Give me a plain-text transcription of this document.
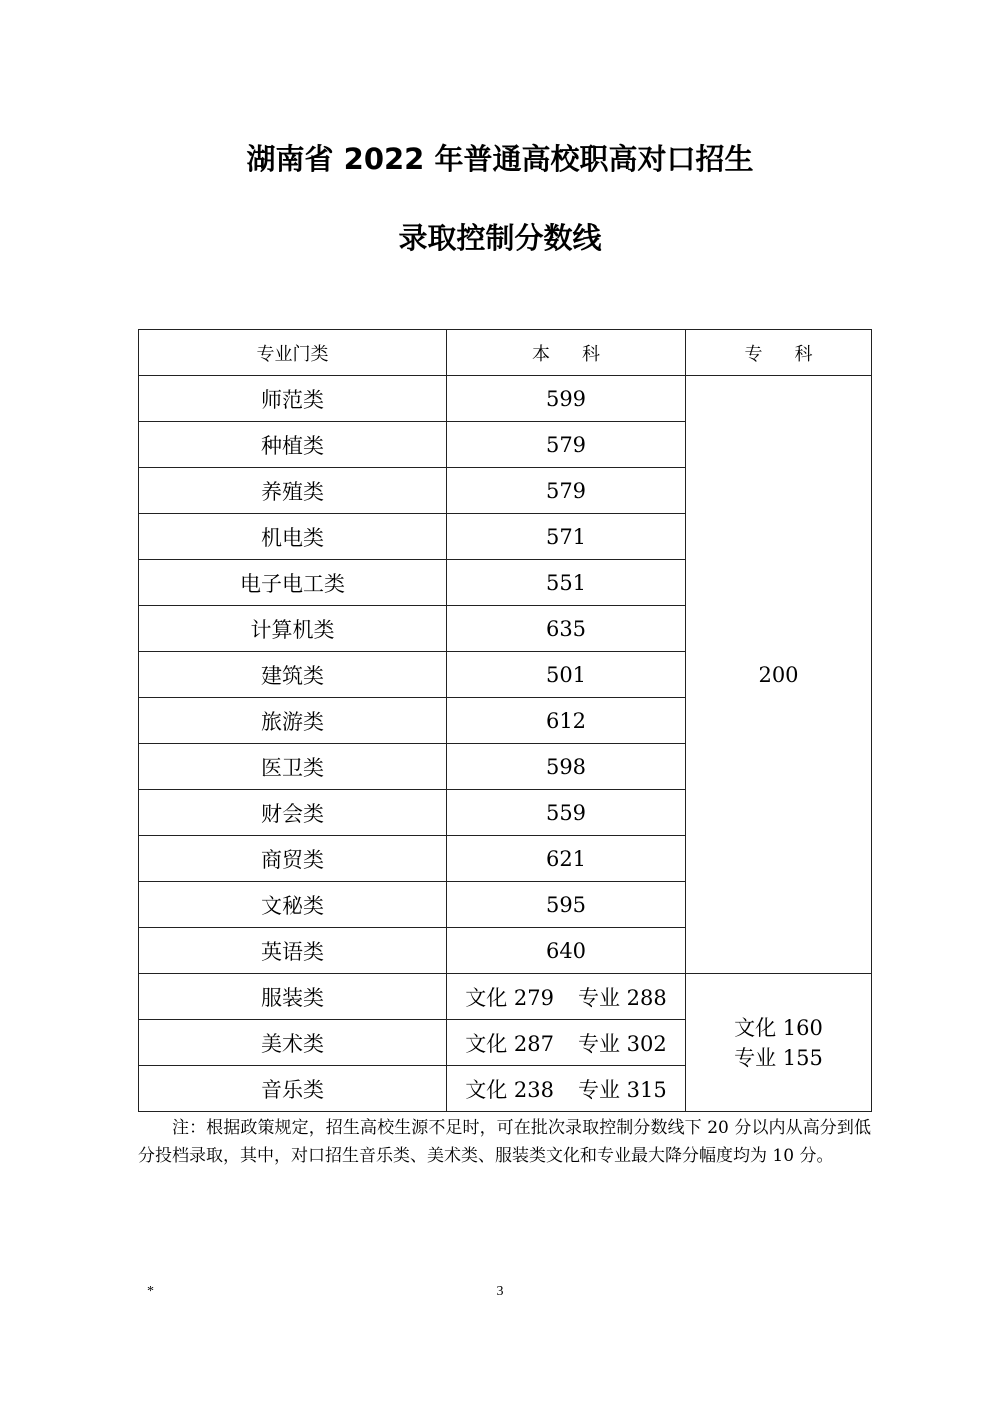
湖南省 2022 年普通高校职高对口招生
录取控制分数线
专业门类	本 科	专 科
师范类	599	200
种植类	579	
养殖类	579	
机电类	571	
电子电工类	551	
计算机类	635	
建筑类	501	
旅游类	612	
医卫类	598	
财会类	559	
商贸类	621	
文秘类	595	
英语类	640	
服装类	文化 279 专业 288	文化 160
专业 155

美术类	文化 287 专业 302	
音乐类	文化 238 专业 315	
注：根据政策规定，招生高校生源不足时，可在批次录取控制分数线下 20 分以内从高分到低分投档录取，其中，对口招生音乐类、美术类、服装类文化和专业最大降分幅度均为 10 分。
*	3
